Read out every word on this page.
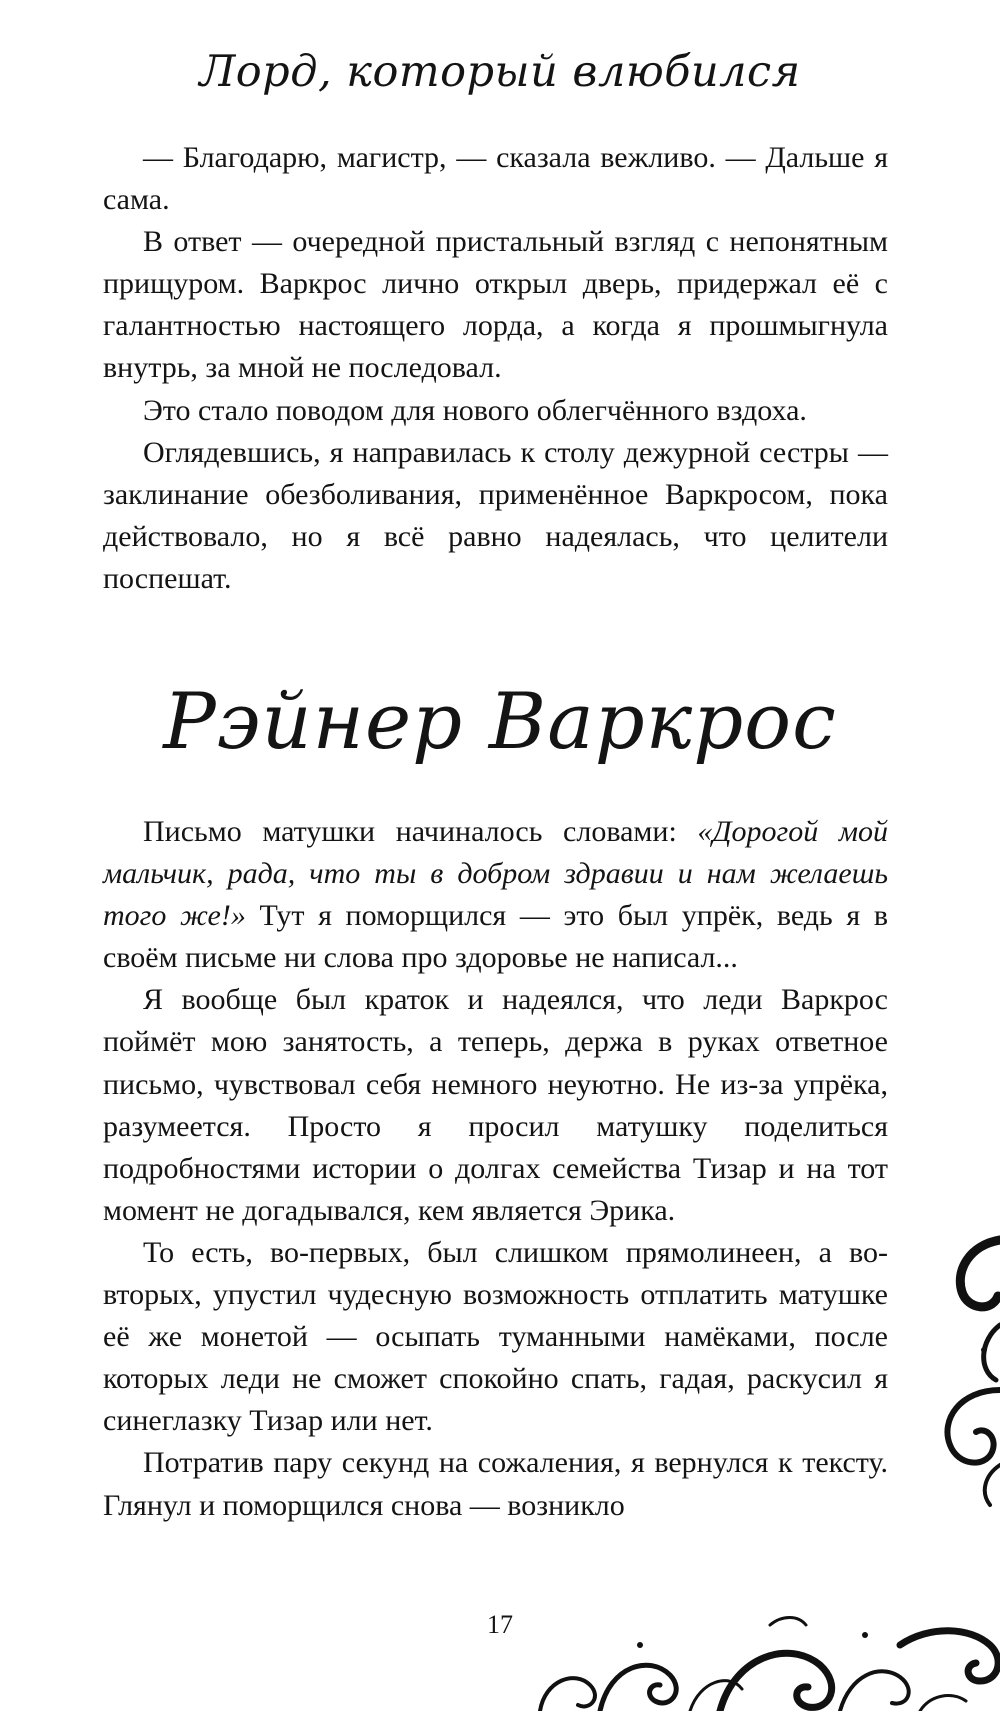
Лорд, который влюбился

— Благодарю, магистр, — сказала вежливо. — Дальше я сама.

В ответ — очередной пристальный взгляд с непонятным прищуром. Варкрос лично открыл дверь, придержал её с галантностью настоящего лорда, а когда я прошмыгнула внутрь, за мной не последовал.

Это стало поводом для нового облегчённого вздоха.

Оглядевшись, я направилась к столу дежурной сестры — заклинание обезболивания, применённое Варкросом, пока действовало, но я всё равно надеялась, что целители поспешат.

Рэйнер Варкрос

Письмо матушки начиналось словами: «Дорогой мой мальчик, рада, что ты в добром здравии и нам желаешь того же!» Тут я поморщился — это был упрёк, ведь я в своём письме ни слова про здоровье не написал...

Я вообще был краток и надеялся, что леди Варкрос поймёт мою занятость, а теперь, держа в руках ответное письмо, чувствовал себя немного неуютно. Не из-за упрёка, разумеется. Просто я просил матушку поделиться подробностями истории о долгах семейства Тизар и на тот момент не догадывался, кем является Эрика.

То есть, во-первых, был слишком прямолинеен, а во-вторых, упустил чудесную возможность отплатить матушке её же монетой — осыпать туманными намёками, после которых леди не сможет спокойно спать, гадая, раскусил я синеглазку Тизар или нет.

Потратив пару секунд на сожаления, я вернулся к тексту. Глянул и поморщился снова — возникло

17
